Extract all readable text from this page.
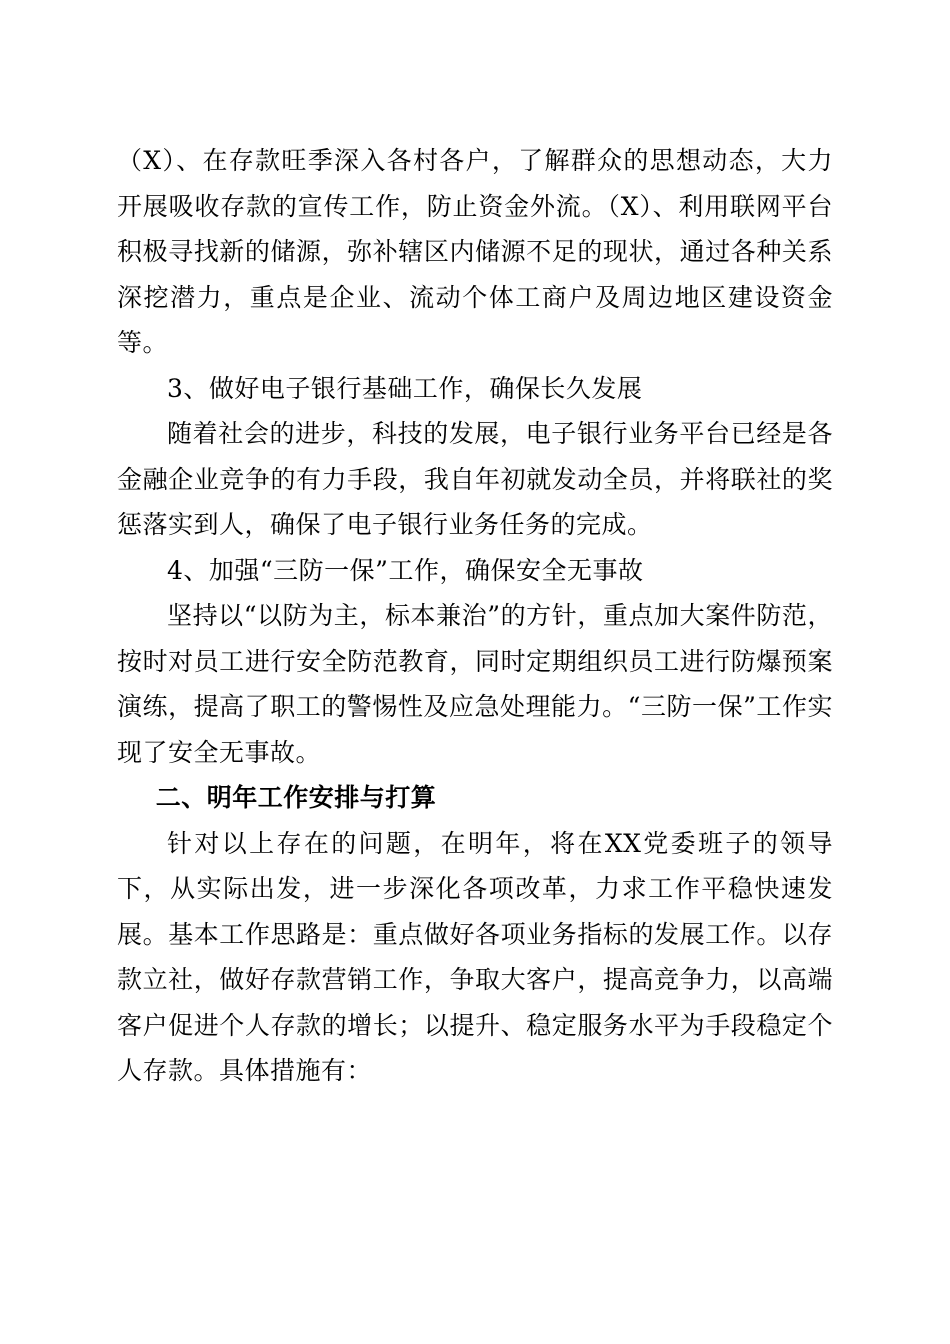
（X）、在存款旺季深入各村各户，了解群众的思想动态，大力开展吸收存款的宣传工作，防止资金外流。（X）、利用联网平台积极寻找新的储源，弥补辖区内储源不足的现状，通过各种关系深挖潜力，重点是企业、流动个体工商户及周边地区建设资金等。

3、做好电子银行基础工作，确保长久发展

随着社会的进步，科技的发展，电子银行业务平台已经是各金融企业竞争的有力手段，我自年初就发动全员，并将联社的奖惩落实到人，确保了电子银行业务任务的完成。

4、加强“三防一保”工作，确保安全无事故

坚持以“以防为主，标本兼治”的方针，重点加大案件防范，按时对员工进行安全防范教育，同时定期组织员工进行防爆预案演练，提高了职工的警惕性及应急处理能力。“三防一保”工作实现了安全无事故。

二、明年工作安排与打算

针对以上存在的问题，在明年，将在XX党委班子的领导下，从实际出发，进一步深化各项改革，力求工作平稳快速发展。基本工作思路是：重点做好各项业务指标的发展工作。以存款立社，做好存款营销工作，争取大客户，提高竞争力，以高端客户促进个人存款的增长；以提升、稳定服务水平为手段稳定个人存款。具体措施有：
